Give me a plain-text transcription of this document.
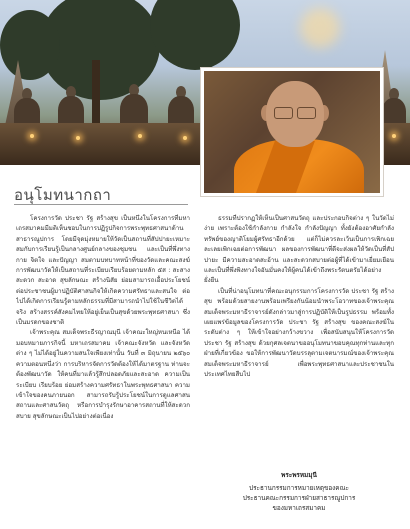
อนุโมทนากถา

โครงการวัด ประชา รัฐ สร้างสุข เป็นหนึ่งในโครงการที่มหาเถรสมาคมมีมติเห็นชอบในการปฏิรูปกิจการพระพุทธศาสนาด้านสาธารณูปการ โดยมีจุดมุ่งหมายให้วัดเป็นสถานที่สัปปายะเหมาะสมกับการเรียนรู้เป็นกลางศูนย์กลางของชุมชน และเป็นที่พึ่งทางกาย จิตใจ และปัญญา สมตามบทบาทหน้าที่ของวัดและคณะสงฆ์ การพัฒนาวัดให้เป็นสถานที่ระเบียบเรียบร้อยตามหลัก ๕ส : สะสาง สะดวก สะอาด สุขลักษณะ สร้างนิสัย ย่อมสามารถเอื้อประโยชน์ต่อประชาชนผู้มาปฏิบัติศาสนกิจให้เกิดความศรัทธาและสนใจ ต่อไปได้เกิดการเรียนรู้ตามหลักธรรมที่มีสามารถนำไปใช้ในชีวิตได้จริง สร้างสรรค์สังคมไทยให้อยู่เย็นเป็นสุขด้วยพระพุทธศาสนา ซึ่งเป็นมรดกของชาติ

เจ้าพระคุณ สมเด็จพระธีรญาณมุนี เจ้าคณะใหญ่หนเหนือ ได้มอบหมายภารกิจนี้ มหาเถรสมาคม เจ้าคณะจังหวัด และจังหวัดต่าง ๆ ไม่ได้อยู่ในความสนใจเพียงเท่านั้น วันที่ ๓ มิถุนายน ๒๕๖๐ ความตอนหนึ่งว่า การบริหารจัดการวัดต้องให้ได้มาตรฐาน ท่านจะต้องพัฒนาวัด ให้คนที่มาแล้วรู้สึกปลอดภัยและสะอาด ความเป็นระเบียบ เรียบร้อย ย่อมสร้างความศรัทธาในพระพุทธศาสนา ความเข้าใจของคนภายนอก สามารถรับรู้ประโยชน์ในการดูแลศาสนสถานและศาสนวัตถุ หรือการบำรุงรักษาอาคารสถานที่ให้สะดวกสบาย สุขลักษณะเป็นไปอย่างต่อเนื่อง

ธรรมที่ปรากฏให้เห็นเป็นศาสนวัตถุ และประกอบกิจต่าง ๆ ในวัดไม่ง่าย เพราะต้องใช้กำลังกาย กำลังใจ กำลังปัญญา ทั้งยังต้องอาศัยกำลังทรัพย์ของญาติโยมผู้ศรัทธาอีกด้วย แต่ก็ไม่ควรละเว้นเป็นการเพิกเฉยละเลยเพิกเฉยต่อการพัฒนา ผลของการพัฒนาที่ดีจะส่งผลให้วัดเป็นที่สัปปายะ มีความสะอาดสะอ้าน และสะดวกสบายต่อผู้ที่ได้เข้ามาเยี่ยมเยือน และเป็นที่พึ่งพิงทางใจอันมั่นคงให้ผู้คนได้เข้าถึงพระรัตนตรัยได้อย่างยั่งยืน

เป็นที่น่าอนุโมทนาที่คณะอนุกรรมการโครงการวัด ประชา รัฐ สร้างสุข พร้อมด้วยสายงานพร้อมเพรียงกันน้อมนำพระโอวาทของเจ้าพระคุณสมเด็จพระมหาธีราจารย์ดังกล่าวมาสู่การปฏิบัติให้เป็นรูปธรรม พร้อมทั้งเผยแพร่ข้อมูลของโครงการวัด ประชา รัฐ สร้างสุข ของคณะสงฆ์ในระดับต่าง ๆ ให้เข้าใจอย่างกว้างขวาง เพื่อสนับสนุนให้โครงการวัด ประชา รัฐ สร้างสุข ด้วยกุศลเจตนาขออนุโมทนาขอบคุณทุกท่านและทุกฝ่ายที่เกี่ยวข้อง ขอให้การพัฒนาวัดบรรลุตามเจตนารมณ์ของเจ้าพระคุณสมเด็จพระมหาธีราจารย์ เพื่อพระพุทธศาสนาและประชาชนในประเทศไทยสืบไป

พระพรหมมุนี
ประธานกรรมการหมายเหตุของคณะ
ประธานคณะกรรมการฝ่ายสาธารณูปการ
ของมหาเถรสมาคม
